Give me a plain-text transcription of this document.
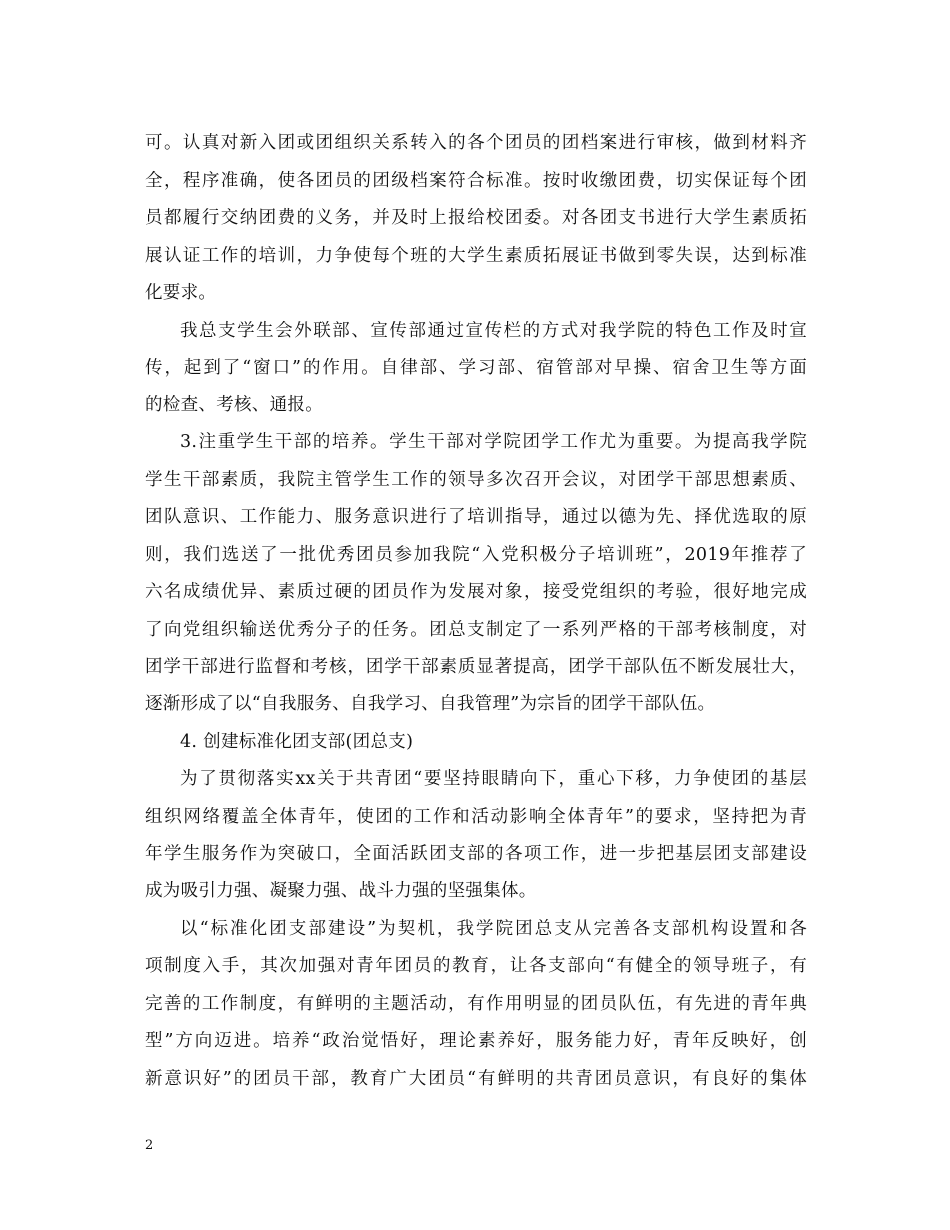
可。认真对新入团或团组织关系转入的各个团员的团档案进行审核，做到材料齐
全，程序准确，使各团员的团级档案符合标准。按时收缴团费，切实保证每个团
员都履行交纳团费的义务，并及时上报给校团委。对各团支书进行大学生素质拓
展认证工作的培训，力争使每个班的大学生素质拓展证书做到零失误，达到标准
化要求。
我总支学生会外联部、宣传部通过宣传栏的方式对我学院的特色工作及时宣
传，起到了“窗口”的作用。自律部、学习部、宿管部对早操、宿舍卫生等方面
的检查、考核、通报。
3.注重学生干部的培养。学生干部对学院团学工作尤为重要。为提高我学院
学生干部素质，我院主管学生工作的领导多次召开会议，对团学干部思想素质、
团队意识、工作能力、服务意识进行了培训指导，通过以德为先、择优选取的原
则，我们选送了一批优秀团员参加我院“入党积极分子培训班”，2019年推荐了
六名成绩优异、素质过硬的团员作为发展对象，接受党组织的考验，很好地完成
了向党组织输送优秀分子的任务。团总支制定了一系列严格的干部考核制度，对
团学干部进行监督和考核，团学干部素质显著提高，团学干部队伍不断发展壮大，
逐渐形成了以“自我服务、自我学习、自我管理”为宗旨的团学干部队伍。
4. 创建标准化团支部(团总支)
为了贯彻落实xx关于共青团“要坚持眼睛向下，重心下移，力争使团的基层
组织网络覆盖全体青年，使团的工作和活动影响全体青年”的要求，坚持把为青
年学生服务作为突破口，全面活跃团支部的各项工作，进一步把基层团支部建设
成为吸引力强、凝聚力强、战斗力强的坚强集体。
以“标准化团支部建设”为契机，我学院团总支从完善各支部机构设置和各
项制度入手，其次加强对青年团员的教育，让各支部向“有健全的领导班子，有
完善的工作制度，有鲜明的主题活动，有作用明显的团员队伍，有先进的青年典
型”方向迈进。培养“政治觉悟好，理论素养好，服务能力好，青年反映好，创
新意识好”的团员干部，教育广大团员“有鲜明的共青团员意识，有良好的集体
2
